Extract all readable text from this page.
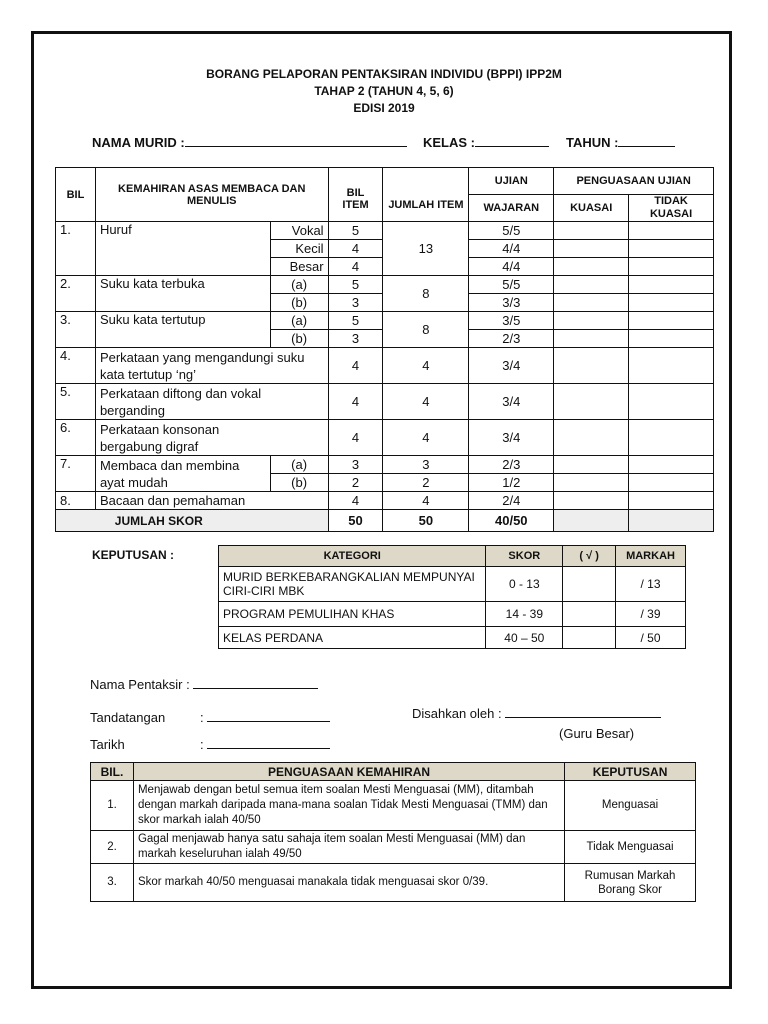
BORANG PELAPORAN PENTAKSIRAN INDIVIDU (BPPI) IPP2M
TAHAP 2 (TAHUN 4, 5, 6)
EDISI 2019
NAMA MURID :	KELAS :	TAHUN :
BIL	KEMAHIRAN ASAS MEMBACA DAN MENULIS		BIL ITEM	JUMLAH ITEM	UJIAN	PENGUASAAN UJIAN	
					WAJARAN	KUASAI	TIDAK KUASAI
1.	Huruf	Vokal	5	13	5/5		
		Kecil	4		4/4		
		Besar	4		4/4		
2.	Suku kata terbuka	(a)	5	8	5/5		
		(b)	3		3/3		
3.	Suku kata tertutup	(a)	5	8	3/5		
		(b)	3		2/3		
4.	Perkataan yang mengandungi suku kata tertutup ‘ng’		4	4	3/4		
5.	Perkataan diftong dan vokal berganding		4	4	3/4		
6.	Perkataan konsonan bergabung digraf		4	4	3/4		
7.	Membaca dan membina ayat mudah	(a)	3	3	2/3		
		(b)	2	2	1/2		
8.	Bacaan dan pemahaman		4	4	2/4		
JUMLAH SKOR			50	50	40/50		
KEPUTUSAN :	KATEGORI	SKOR	( √ )	MARKAH
MURID BERKEBARANGKALIAN MEMPUNYAI CIRI-CIRI MBK	0 - 13		/ 13
PROGRAM PEMULIHAN KHAS	14 - 39		/ 39
KELAS PERDANA	40 – 50		/ 50
Nama Pentaksir :
Tandatangan	:
Tarikh	:
Disahkan oleh :
(Guru Besar)
BIL.	PENGUASAAN KEMAHIRAN	KEPUTUSAN
1.	Menjawab dengan betul semua item soalan Mesti Menguasai (MM), ditambah dengan markah daripada mana-mana soalan Tidak Mesti Menguasai (TMM) dan skor markah ialah 40/50	Menguasai
2.	Gagal menjawab hanya satu sahaja item soalan Mesti Menguasai (MM) dan markah keseluruhan ialah 49/50	Tidak Menguasai
3.	Skor markah 40/50 menguasai manakala tidak menguasai skor 0/39.	Rumusan Markah Borang Skor
